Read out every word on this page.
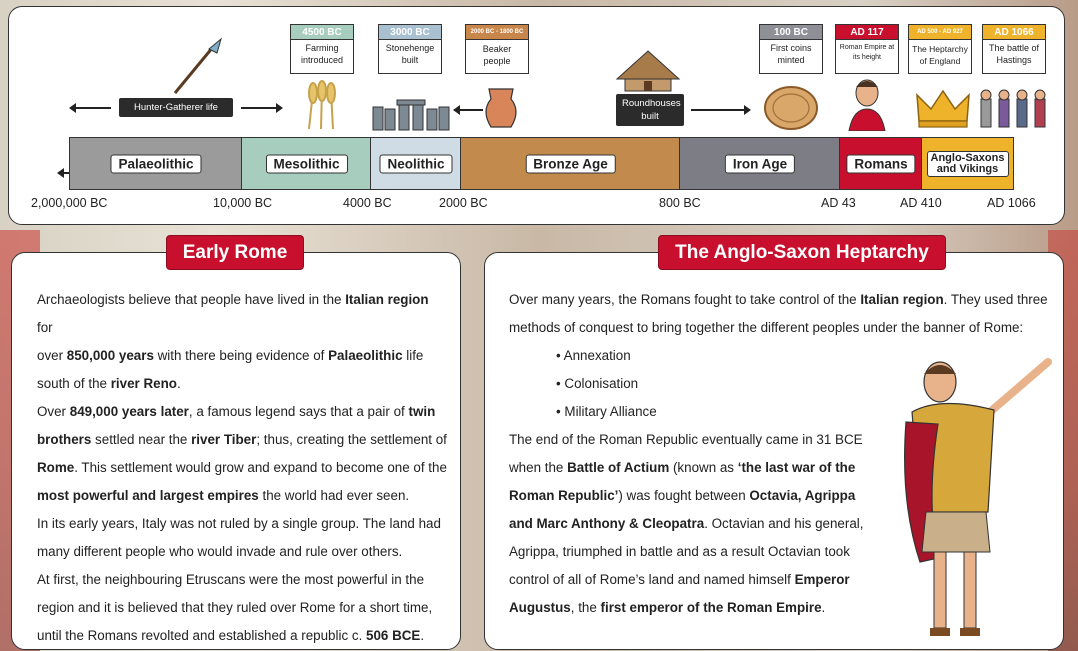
Hunter-Gatherer life
4500 BC
Farming introduced
3000 BC
Stonehenge built
2000 BC - 1800 BC
Beaker people
100 BC
First coins minted
AD 117
Roman Empire at its height
AD 500 - AD 927
The Heptarchy of England
AD 1066
The battle of Hastings
Roundhouses built
Palaeolithic	Mesolithic	Neolithic	Bronze Age	Iron Age	Romans	Anglo-Saxons and Vikings
2,000,000 BC	10,000 BC	4000 BC	2000 BC	800 BC	AD 43	AD 410	AD 1066
Early Rome
Archaeologists believe that people have lived in the Italian region for
over 850,000 years with there being evidence of Palaeolithic life
south of the river Reno.
Over 849,000 years later, a famous legend says that a pair of twin
brothers settled near the river Tiber; thus, creating the settlement of
Rome. This settlement would grow and expand to become one of the
most powerful and largest empires the world had ever seen.
In its early years, Italy was not ruled by a single group. The land had
many different people who would invade and rule over others.
At first, the neighbouring Etruscans were the most powerful in the
region and it is believed that they ruled over Rome for a short time,
until the Romans revolted and established a republic c. 506 BCE.
The Anglo-Saxon Heptarchy
Over many years, the Romans fought to take control of the Italian region. They used three
methods of conquest to bring together the different peoples under the banner of Rome:
• Annexation
• Colonisation
• Military Alliance
The end of the Roman Republic eventually came in 31 BCE
when the Battle of Actium (known as ‘the last war of the
Roman Republic’) was fought between Octavia, Agrippa
and Marc Anthony & Cleopatra. Octavian and his general,
Agrippa, triumphed in battle and as a result Octavian took
control of all of Rome’s land and named himself Emperor
Augustus, the first emperor of the Roman Empire.
